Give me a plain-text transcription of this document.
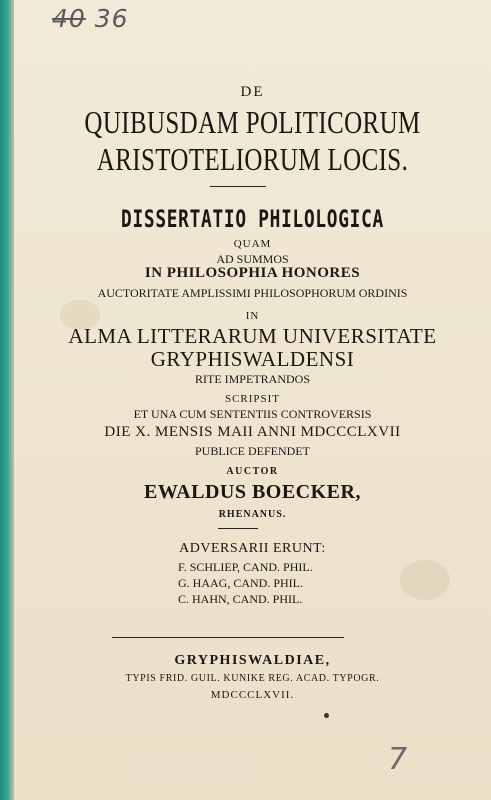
40 36
DE
QUIBUSDAM POLITICORUM
ARISTOTELIORUM LOCIS.
DISSERTATIO PHILOLOGICA
QUAM
AD SUMMOS
IN PHILOSOPHIA HONORES
AUCTORITATE AMPLISSIMI PHILOSOPHORUM ORDINIS
IN
ALMA LITTERARUM UNIVERSITATE
GRYPHISWALDENSI
RITE IMPETRANDOS
SCRIPSIT
ET UNA CUM SENTENTIIS CONTROVERSIS
DIE X. MENSIS MAII ANNI MDCCCLXVII
PUBLICE DEFENDET
AUCTOR
EWALDUS BOECKER,
RHENANUS.
ADVERSARII ERUNT:
F. SCHLIEP, CAND. PHIL.
G. HAAG, CAND. PHIL.
C. HAHN, CAND. PHIL.
GRYPHISWALDIAE,
TYPIS FRID. GUIL. KUNIKE REG. ACAD. TYPOGR.
MDCCCLXVII.
7
